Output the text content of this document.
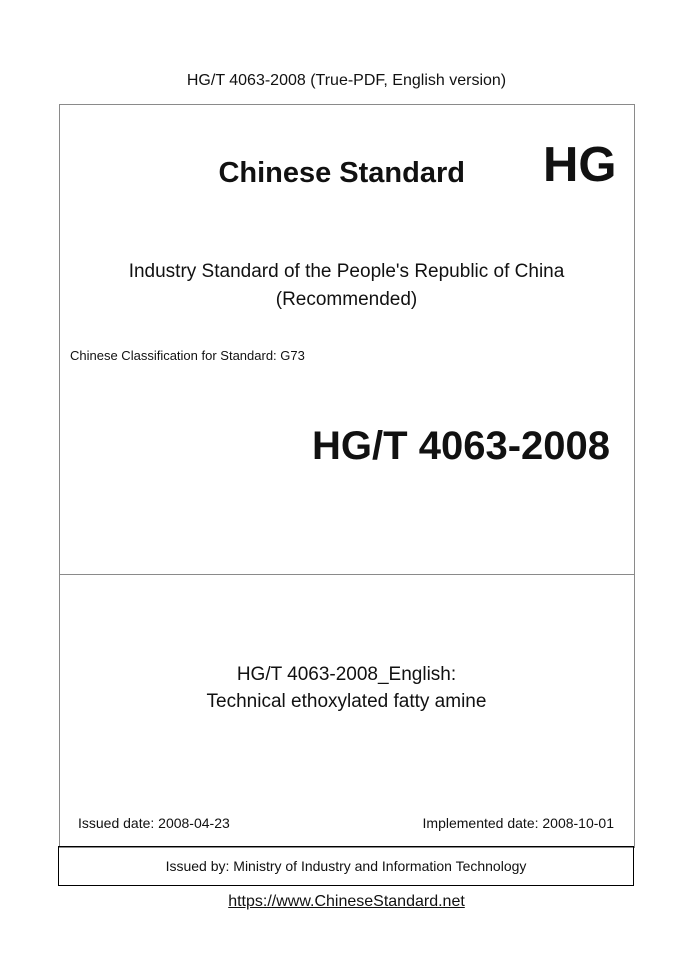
HG/T 4063-2008 (True-PDF, English version)
Chinese Standard	HG
Industry Standard of the People's Republic of China
(Recommended)
Chinese Classification for Standard: G73
HG/T 4063-2008
HG/T 4063-2008_English:
Technical ethoxylated fatty amine
Issued date: 2008-04-23	Implemented date: 2008-10-01
Issued by: Ministry of Industry and Information Technology
https://www.ChineseStandard.net
